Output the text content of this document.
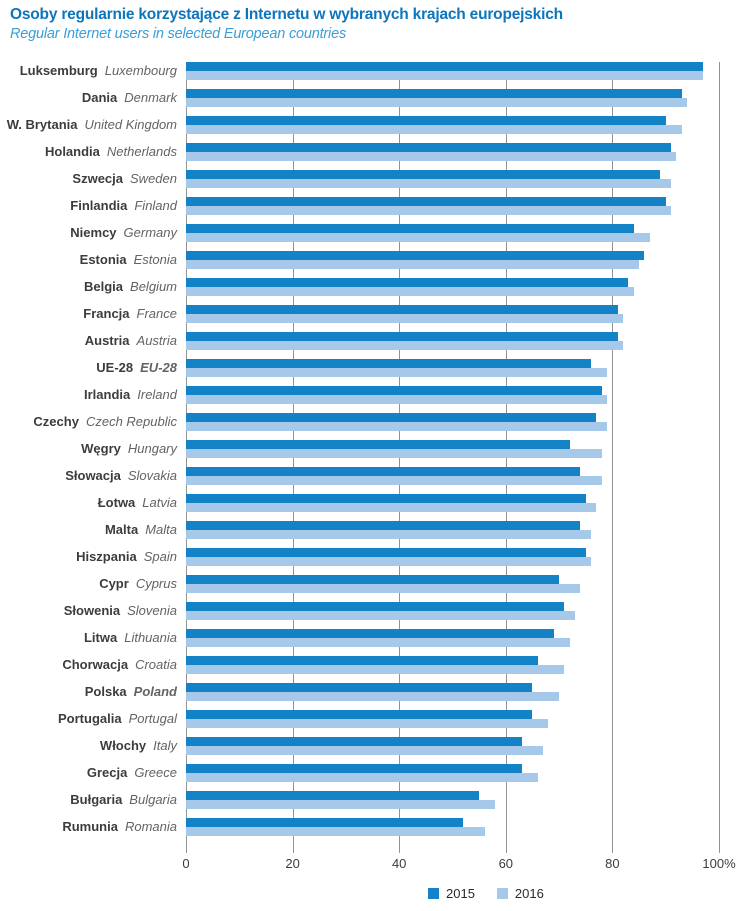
Osoby regularnie korzystające z Internetu w wybranych krajach europejskich
Regular Internet users in selected European countries
Luksemburg Luxembourg
Dania Denmark
W. Brytania United Kingdom
Holandia Netherlands
Szwecja Sweden
Finlandia Finland
Niemcy Germany
Estonia Estonia
Belgia Belgium
Francja France
Austria Austria
UE-28 EU-28
Irlandia Ireland
Czechy Czech Republic
Węgry Hungary
Słowacja Slovakia
Łotwa Latvia
Malta Malta
Hiszpania Spain
Cypr Cyprus
Słowenia Slovenia
Litwa Lithuania
Chorwacja Croatia
Polska Poland
Portugalia Portugal
Włochy Italy
Grecja Greece
Bułgaria Bulgaria
Rumunia Romania
0	20	40	60	80	100%
2015	2016
